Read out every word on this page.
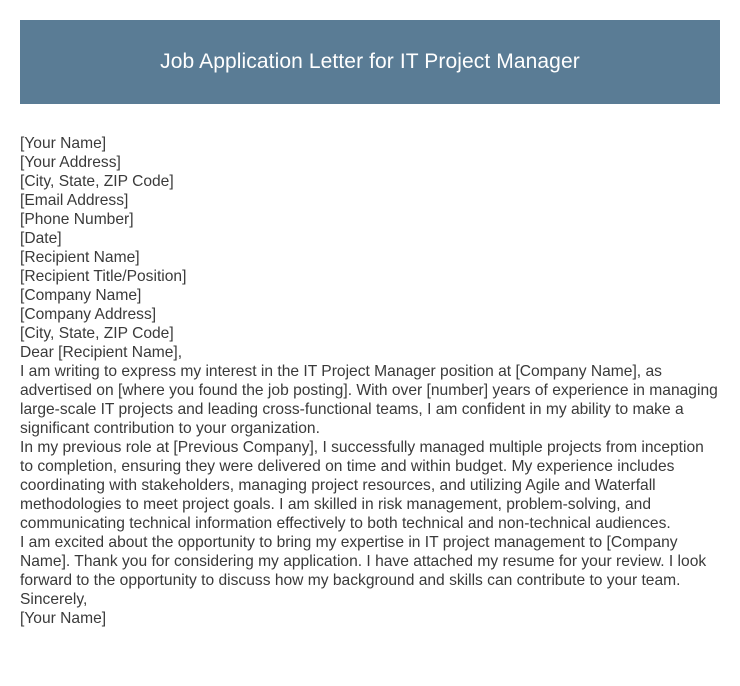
Job Application Letter for IT Project Manager

[Your Name]

[Your Address]

[City, State, ZIP Code]

[Email Address]

[Phone Number]

[Date]

[Recipient Name]

[Recipient Title/Position]

[Company Name]

[Company Address]

[City, State, ZIP Code]

Dear [Recipient Name],

I am writing to express my interest in the IT Project Manager position at [Company Name], as advertised on [where you found the job posting]. With over [number] years of experience in managing large-scale IT projects and leading cross-functional teams, I am confident in my ability to make a significant contribution to your organization.

In my previous role at [Previous Company], I successfully managed multiple projects from inception to completion, ensuring they were delivered on time and within budget. My experience includes coordinating with stakeholders, managing project resources, and utilizing Agile and Waterfall methodologies to meet project goals. I am skilled in risk management, problem-solving, and communicating technical information effectively to both technical and non-technical audiences.

I am excited about the opportunity to bring my expertise in IT project management to [Company Name]. Thank you for considering my application. I have attached my resume for your review. I look forward to the opportunity to discuss how my background and skills can contribute to your team.

Sincerely,

[Your Name]
